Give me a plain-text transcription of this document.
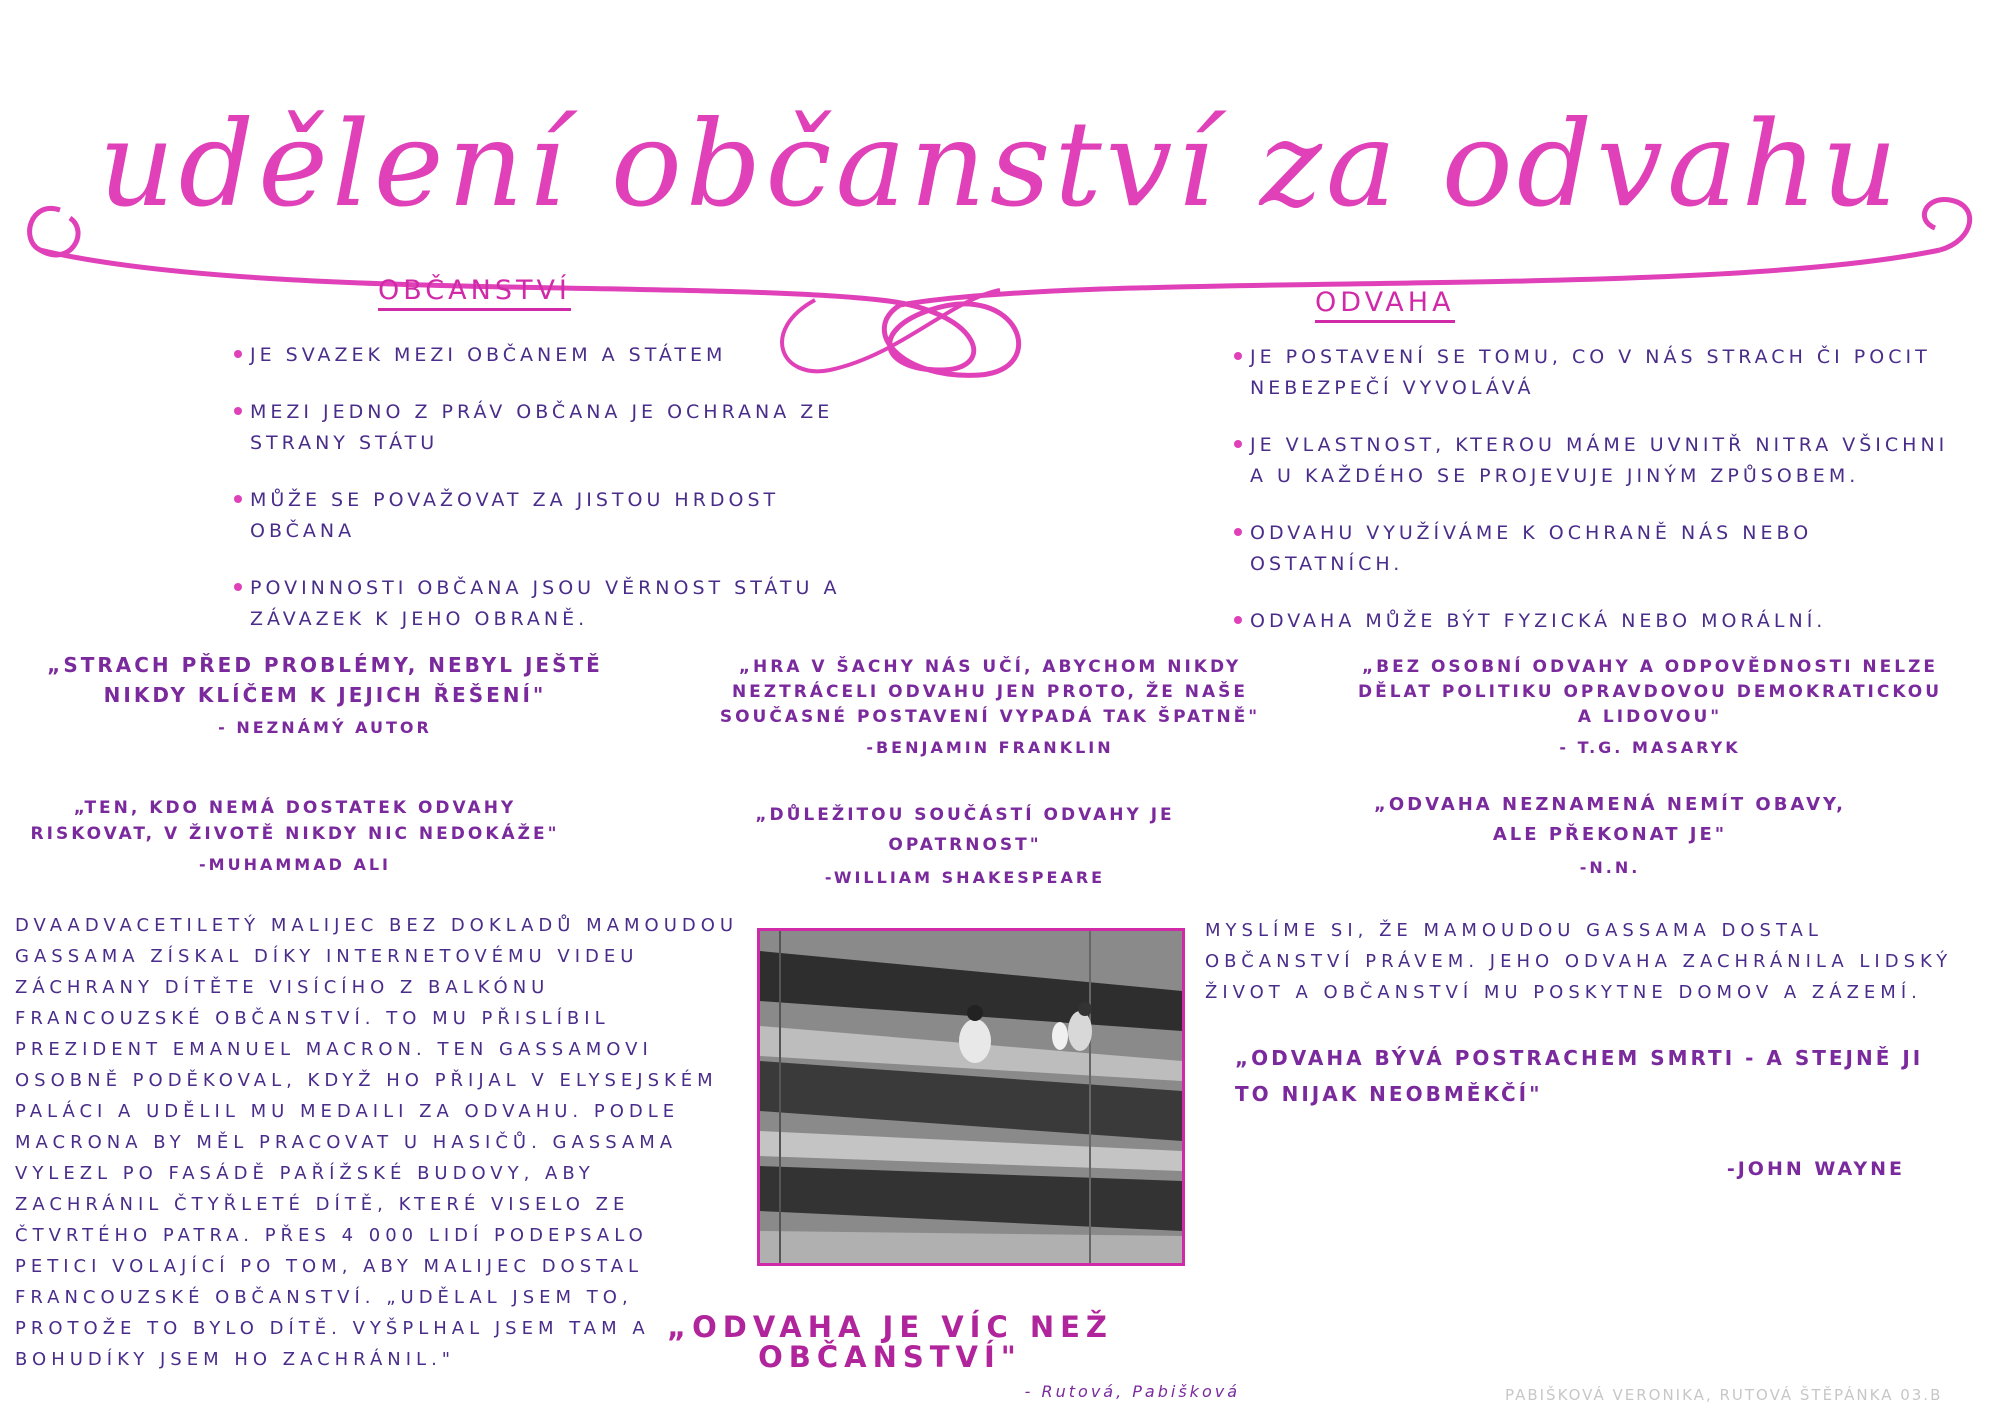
udělení občanství za odvahu
OBČANSTVÍ
JE SVAZEK MEZI OBČANEM A STÁTEM
MEZI JEDNO Z PRÁV OBČANA JE OCHRANA ZE STRANY STÁTU
MŮŽE SE POVAŽOVAT ZA JISTOU HRDOST OBČANA
POVINNOSTI OBČANA JSOU VĚRNOST STÁTU A ZÁVAZEK K JEHO OBRANĚ.
ODVAHA
JE POSTAVENÍ SE TOMU, CO V NÁS STRACH ČI POCIT NEBEZPEČÍ VYVOLÁVÁ
JE VLASTNOST, KTEROU MÁME UVNITŘ NITRA VŠICHNI A U KAŽDÉHO SE PROJEVUJE JINÝM ZPŮSOBEM.
ODVAHU VYUŽÍVÁME K OCHRANĚ NÁS NEBO OSTATNÍCH.
ODVAHA MŮŽE BÝT FYZICKÁ NEBO MORÁLNÍ.
„STRACH PŘED PROBLÉMY, NEBYL JEŠTĚ NIKDY KLÍČEM K JEJICH ŘEŠENÍ"
- NEZNÁMÝ AUTOR
„HRA V ŠACHY NÁS UČÍ, ABYCHOM NIKDY NEZTRÁCELI ODVAHU JEN PROTO, ŽE NAŠE SOUČASNÉ POSTAVENÍ VYPADÁ TAK ŠPATNĚ"
-BENJAMIN FRANKLIN
„BEZ OSOBNÍ ODVAHY A ODPOVĚDNOSTI NELZE DĚLAT POLITIKU OPRAVDOVOU DEMOKRATICKOU A LIDOVOU"
- T.G. MASARYK
„TEN, KDO NEMÁ DOSTATEK ODVAHY RISKOVAT, V ŽIVOTĚ NIKDY NIC NEDOKÁŽE"
-MUHAMMAD ALI
„DŮLEŽITOU SOUČÁSTÍ ODVAHY JE OPATRNOST"
-WILLIAM SHAKESPEARE
„ODVAHA NEZNAMENÁ NEMÍT OBAVY, ALE PŘEKONAT JE"
-N.N.
DVAADVACETILETÝ MALIJEC BEZ DOKLADŮ MAMOUDOU GASSAMA ZÍSKAL DÍKY INTERNETOVÉMU VIDEU ZÁCHRANY DÍTĚTE VISÍCÍHO Z BALKÓNU FRANCOUZSKÉ OBČANSTVÍ. TO MU PŘISLÍBIL PREZIDENT EMANUEL MACRON. TEN GASSAMOVI OSOBNĚ PODĚKOVAL, KDYŽ HO PŘIJAL V ELYSEJSKÉM PALÁCI A UDĚLIL MU MEDAILI ZA ODVAHU. PODLE MACRONA BY MĚL PRACOVAT U HASIČŮ. GASSAMA VYLEZL PO FASÁDĚ PAŘÍŽSKÉ BUDOVY, ABY ZACHRÁNIL ČTYŘLETÉ DÍTĚ, KTERÉ VISELO ZE ČTVRTÉHO PATRA. PŘES 4 000 LIDÍ PODEPSALO PETICI VOLAJÍCÍ PO TOM, ABY MALIJEC DOSTAL FRANCOUZSKÉ OBČANSTVÍ. „UDĚLAL JSEM TO, PROTOŽE TO BYLO DÍTĚ. VYŠPLHAL JSEM TAM A BOHUDÍKY JSEM HO ZACHRÁNIL."
MYSLÍME SI, ŽE MAMOUDOU GASSAMA DOSTAL OBČANSTVÍ PRÁVEM. JEHO ODVAHA ZACHRÁNILA LIDSKÝ ŽIVOT A OBČANSTVÍ MU POSKYTNE DOMOV A ZÁZEMÍ.
„ODVAHA BÝVÁ POSTRACHEM SMRTI - A STEJNĚ JI TO NIJAK NEOBMĚKČÍ"
-JOHN WAYNE
„ODVAHA JE VÍC NEŽ OBČANSTVÍ"
- Rutová, Pabišková	PABIŠKOVÁ VERONIKA, RUTOVÁ ŠTĚPÁNKA 03.B
